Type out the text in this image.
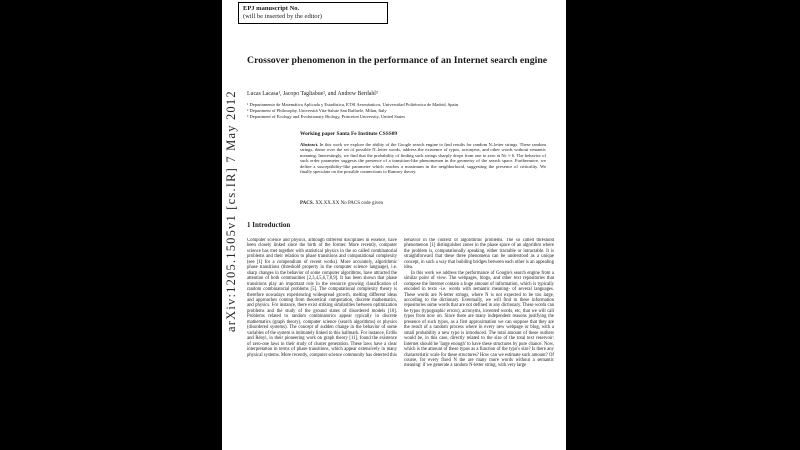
EPJ manuscript No.
(will be inserted by the editor)
arXiv:1205.1505v1 [cs.IR] 7 May 2012
Crossover phenomenon in the performance of an Internet search engine
Lucas Lacasa¹, Jacopo Tagliabue², and Andrew Berdahl³
¹ Departamento de Matemática Aplicada y Estadística, ETSI Aeronáuticos, Universidad Politécnica de Madrid, Spain
² Department of Philosophy, Università Vita-Salute San Raffaele, Milan, Italy
³ Department of Ecology and Evolutionary Biology, Princeton University, United States
Working paper Santa Fe Institute CSSS09
Abstract. In this work we explore the ability of the Google search engine to find results for random N–letter strings. These random strings, dense over the set of possible N–letter words, address the existence of typos, acronyms, and other words without semantic meaning. Interestingly, we find that the probability of finding such strings sharply drops from one to zero at Nc ≈ 6. The behavior of such order parameter suggests the presence of a transition-like phenomenon in the geometry of the search space. Furthermore, we define a susceptibility-like parameter which reaches a maximum in the neighborhood, suggesting the presence of criticality. We finally speculate on the possible connections to Ramsey theory.
PACS. XX.XX.XX No PACS code given
1 Introduction

Computer science and physics, although different disciplines in essence, have been closely linked since the birth of the former. More recently, computer science has met together with statistical physics in the so called combinatorial problems and their relation to phase transitions and computational complexity (see [1] for a compendium of recent works). More accurately, algorithmic phase transitions (threshold property in the computer science language), i.e. sharp changes in the behavior of some computer algorithms, have attracted the attention of both communities [2,3,4,5,6,7,8,9]. It has been shown that phase transitions play an important role in the resource growing classification of random combinatorial problems [5]. The computational complexity theory is therefore nowadays experiencing widespread growth, melting different ideas and approaches coming from theoretical computation, discrete mathematics, and physics. For instance, there exist striking similarities between optimization problems and the study of the ground states of disordered models [10]. Problems related to random combinatorics appear typically in discrete mathematics (graph theory), computer science (search algorithms) or physics (disordered systems). The concept of sudden change in the behavior of some variables of the system is intimately linked to this hallmark. For instance, Erdős and Rényi, in their pioneering work on graph theory [11], found the existence of zero-one laws in their study of cluster generation. These laws have a clear interpretation in terms of phase transitions, which appear extensively in many physical systems. More recently, computer science community has detected this

behavior in the context of algorithmic problems. The so called threshold phenomenon [1] distinguishes zones in the phase space of an algorithm where the problem is, computationally speaking, either tractable or intractable. It is straightforward that these three phenomena can be understood as a unique concept, in such a way that building bridges between each other is an appealing idea.

In this work we address the performance of Google's search engine from a similar point of view. The webpages, blogs, and other text repositories that compose the Internet contain a huge amount of information, which is typically encoded in texts -i.e. words with semantic meaning- of several languages. These words are N-letter strings, where N is not expected to be too large, according to the dictionary. Eventually, we will find in these information repositories some words that are not defined in any dictionary. These words can be typos (typographic errors), acronyms, invented words, etc, that we will call typos from now on. Since there are many independent reasons justifying the presence of such typos, as a first approximation we can suppose that they are the result of a random process where in every new webpage or blog, with a small probability a new typo is introduced. The total amount of these outliers would be, in this case, directly related to the size of the total text reservoir: Internet should be 'large enough' to have these structures by pure chance. Now, which is the amount of these typos as a function of the typo's size? Is there any characteristic scale for these structures? How can we estimate such amount? Of course, for every fixed N the are many more words without a semantic meaning: if we generate a random N-letter string, with very large
